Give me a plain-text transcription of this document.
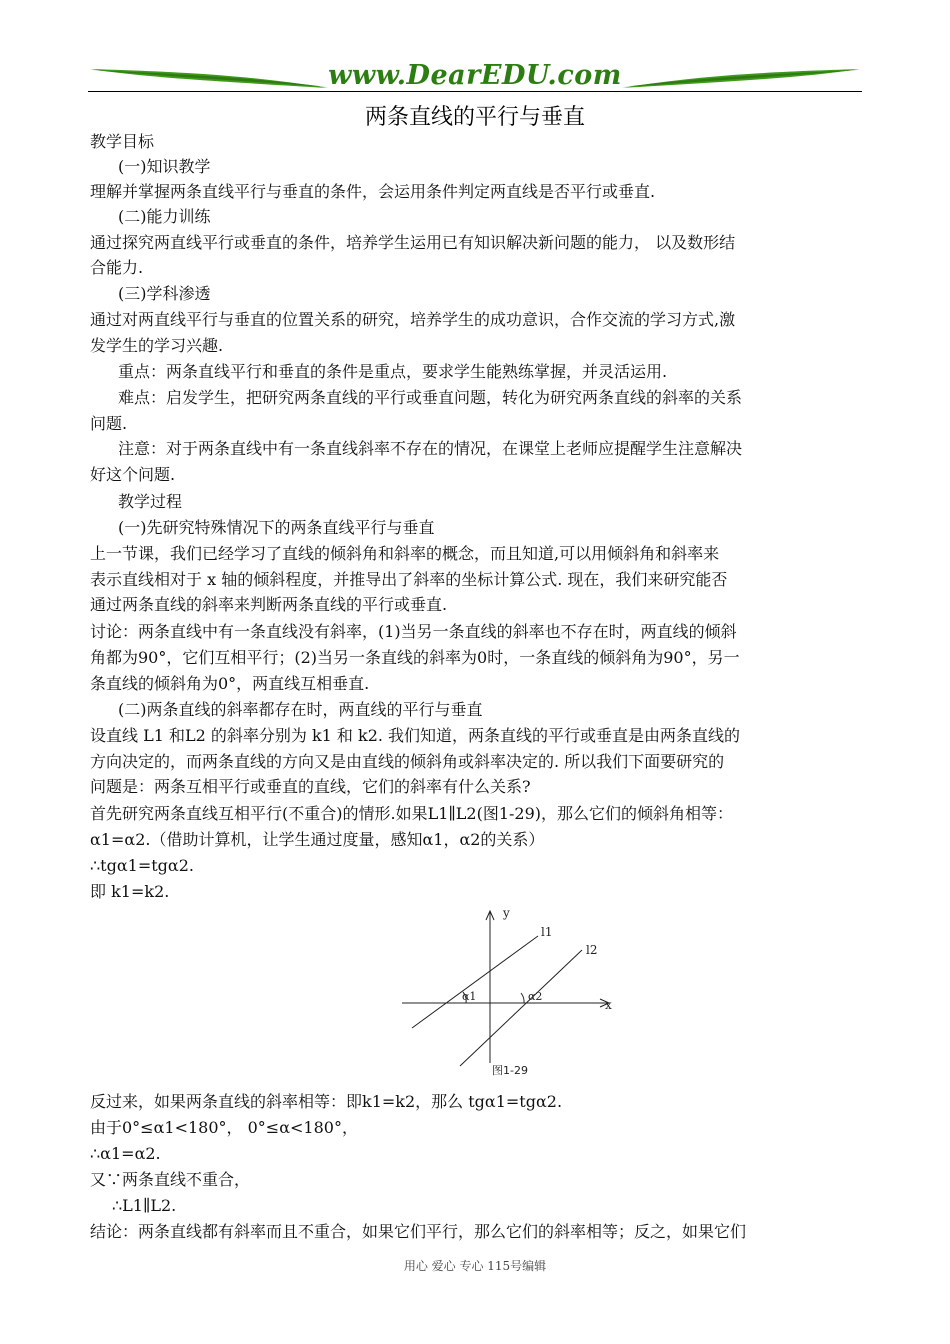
www.DearEDU.com
两条直线的平行与垂直
教学目标
(一)知识教学
理解并掌握两条直线平行与垂直的条件，会运用条件判定两直线是否平行或垂直.
(二)能力训练
通过探究两直线平行或垂直的条件，培养学生运用已有知识解决新问题的能力， 以及数形结
合能力.
(三)学科渗透
通过对两直线平行与垂直的位置关系的研究，培养学生的成功意识，合作交流的学习方式,激
发学生的学习兴趣.
重点：两条直线平行和垂直的条件是重点，要求学生能熟练掌握，并灵活运用.
难点：启发学生，把研究两条直线的平行或垂直问题，转化为研究两条直线的斜率的关系
问题.
注意：对于两条直线中有一条直线斜率不存在的情况，在课堂上老师应提醒学生注意解决
好这个问题.
教学过程
(一)先研究特殊情况下的两条直线平行与垂直
上一节课，我们已经学习了直线的倾斜角和斜率的概念，而且知道,可以用倾斜角和斜率来
表示直线相对于 x 轴的倾斜程度，并推导出了斜率的坐标计算公式. 现在，我们来研究能否
通过两条直线的斜率来判断两条直线的平行或垂直.
讨论：两条直线中有一条直线没有斜率，(1)当另一条直线的斜率也不存在时，两直线的倾斜
角都为90°，它们互相平行；(2)当另一条直线的斜率为0时，一条直线的倾斜角为90°，另一
条直线的倾斜角为0°，两直线互相垂直.
(二)两条直线的斜率都存在时，两直线的平行与垂直
设直线 L1 和L2 的斜率分别为 k1 和 k2. 我们知道，两条直线的平行或垂直是由两条直线的
方向决定的，而两条直线的方向又是由直线的倾斜角或斜率决定的. 所以我们下面要研究的
问题是：两条互相平行或垂直的直线，它们的斜率有什么关系?
首先研究两条直线互相平行(不重合)的情形.如果L1∥L2(图1-29)，那么它们的倾斜角相等：
α1=α2.（借助计算机，让学生通过度量，感知α1，α2的关系）
∴tgα1=tgα2.
即 k1=k2.
反过来，如果两条直线的斜率相等：即k1=k2，那么 tgα1=tgα2.
由于0°≤α1<180°， 0°≤α<180°，
∴α1=α2.
又∵两条直线不重合，
∴L1∥L2.
结论：两条直线都有斜率而且不重合，如果它们平行，那么它们的斜率相等；反之，如果它们
y
x
l1
l2
α1	α2
图1-29
用心 爱心 专心 115号编辑
